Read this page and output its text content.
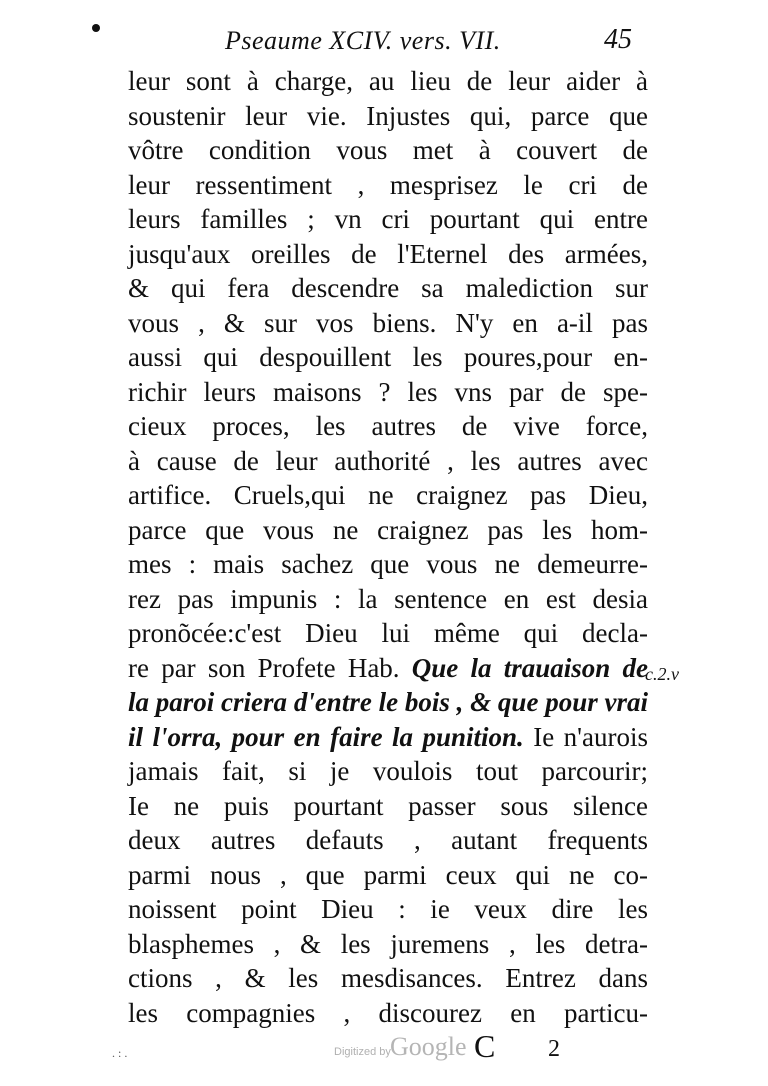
Pseaume XCIV. vers. VII.	45
leur sont à charge, au lieu de leur aider à
soustenir leur vie. Injustes qui, parce que
vôtre condition vous met à couvert de
leur ressentiment , mesprisez le cri de
leurs familles ; vn cri pourtant qui entre
jusqu'aux oreilles de l'Eternel des armées,
& qui fera descendre sa malediction sur
vous , & sur vos biens. N'y en a-il pas
aussi qui despouillent les poures,pour en-
richir leurs maisons ? les vns par de spe-
cieux proces, les autres de vive force,
à cause de leur authorité , les autres avec
artifice. Cruels,qui ne craignez pas Dieu,
parce que vous ne craignez pas les hom-
mes : mais sachez que vous ne demeurre-
rez pas impunis : la sentence en est desia
pronõcée:c'est Dieu lui même qui decla-
re par son Profete Hab. Que la trauaison de
la paroi criera d'entre le bois , & que pour vrai
il l'orra, pour en faire la punition. Ie n'aurois
jamais fait, si je voulois tout parcourir;
Ie ne puis pourtant passer sous silence
deux autres defauts , autant frequents
parmi nous , que parmi ceux qui ne co-
noissent point Dieu : ie veux dire les
blasphemes , & les juremens , les detra-
ctions , & les mesdisances. Entrez dans
les compagnies , discourez en particu-
c.2.v
. : .	Digitized by Google C 2
